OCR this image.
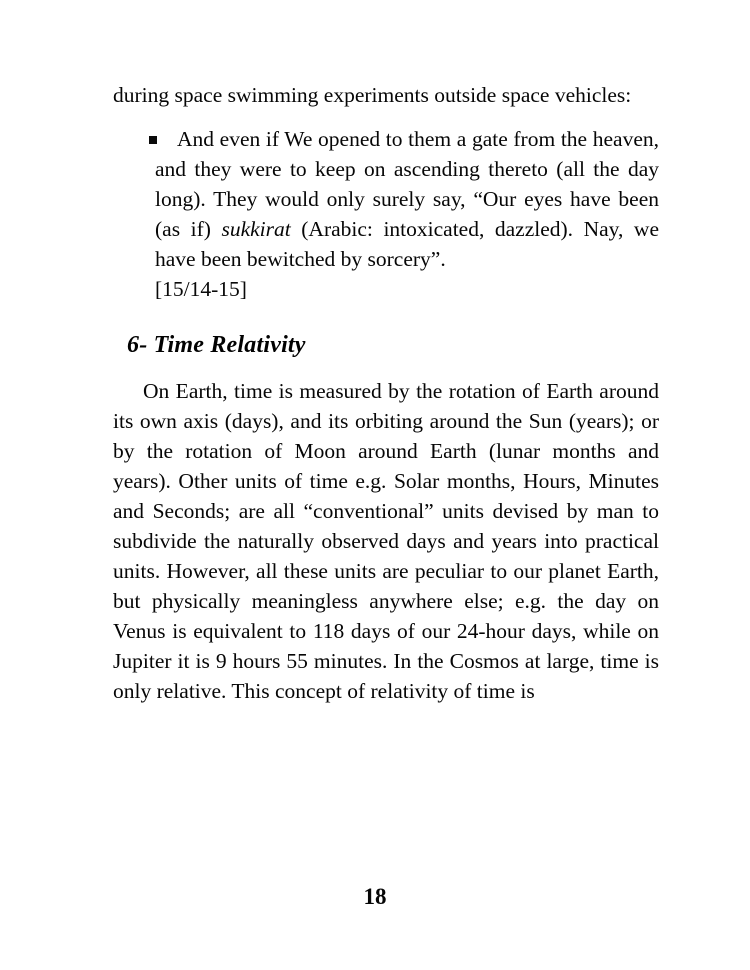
during space swimming experiments outside space vehicles:

And even if We opened to them a gate from the heaven, and they were to keep on ascending thereto (all the day long). They would only surely say, “Our eyes have been (as if) sukkirat (Arabic: intoxicated, dazzled). Nay, we have been bewitched by sorcery”.

[15/14-15]

6- Time Relativity

On Earth, time is measured by the rotation of Earth around its own axis (days), and its orbiting around the Sun (years); or by the rotation of Moon around Earth (lunar months and years). Other units of time e.g. Solar months, Hours, Minutes and Seconds; are all “conventional” units devised by man to subdivide the naturally observed days and years into practical units. However, all these units are peculiar to our planet Earth, but physically meaningless anywhere else; e.g. the day on Venus is equivalent to 118 days of our 24-hour days, while on Jupiter it is 9 hours 55 minutes. In the Cosmos at large, time is only relative. This concept of relativity of time is

18
